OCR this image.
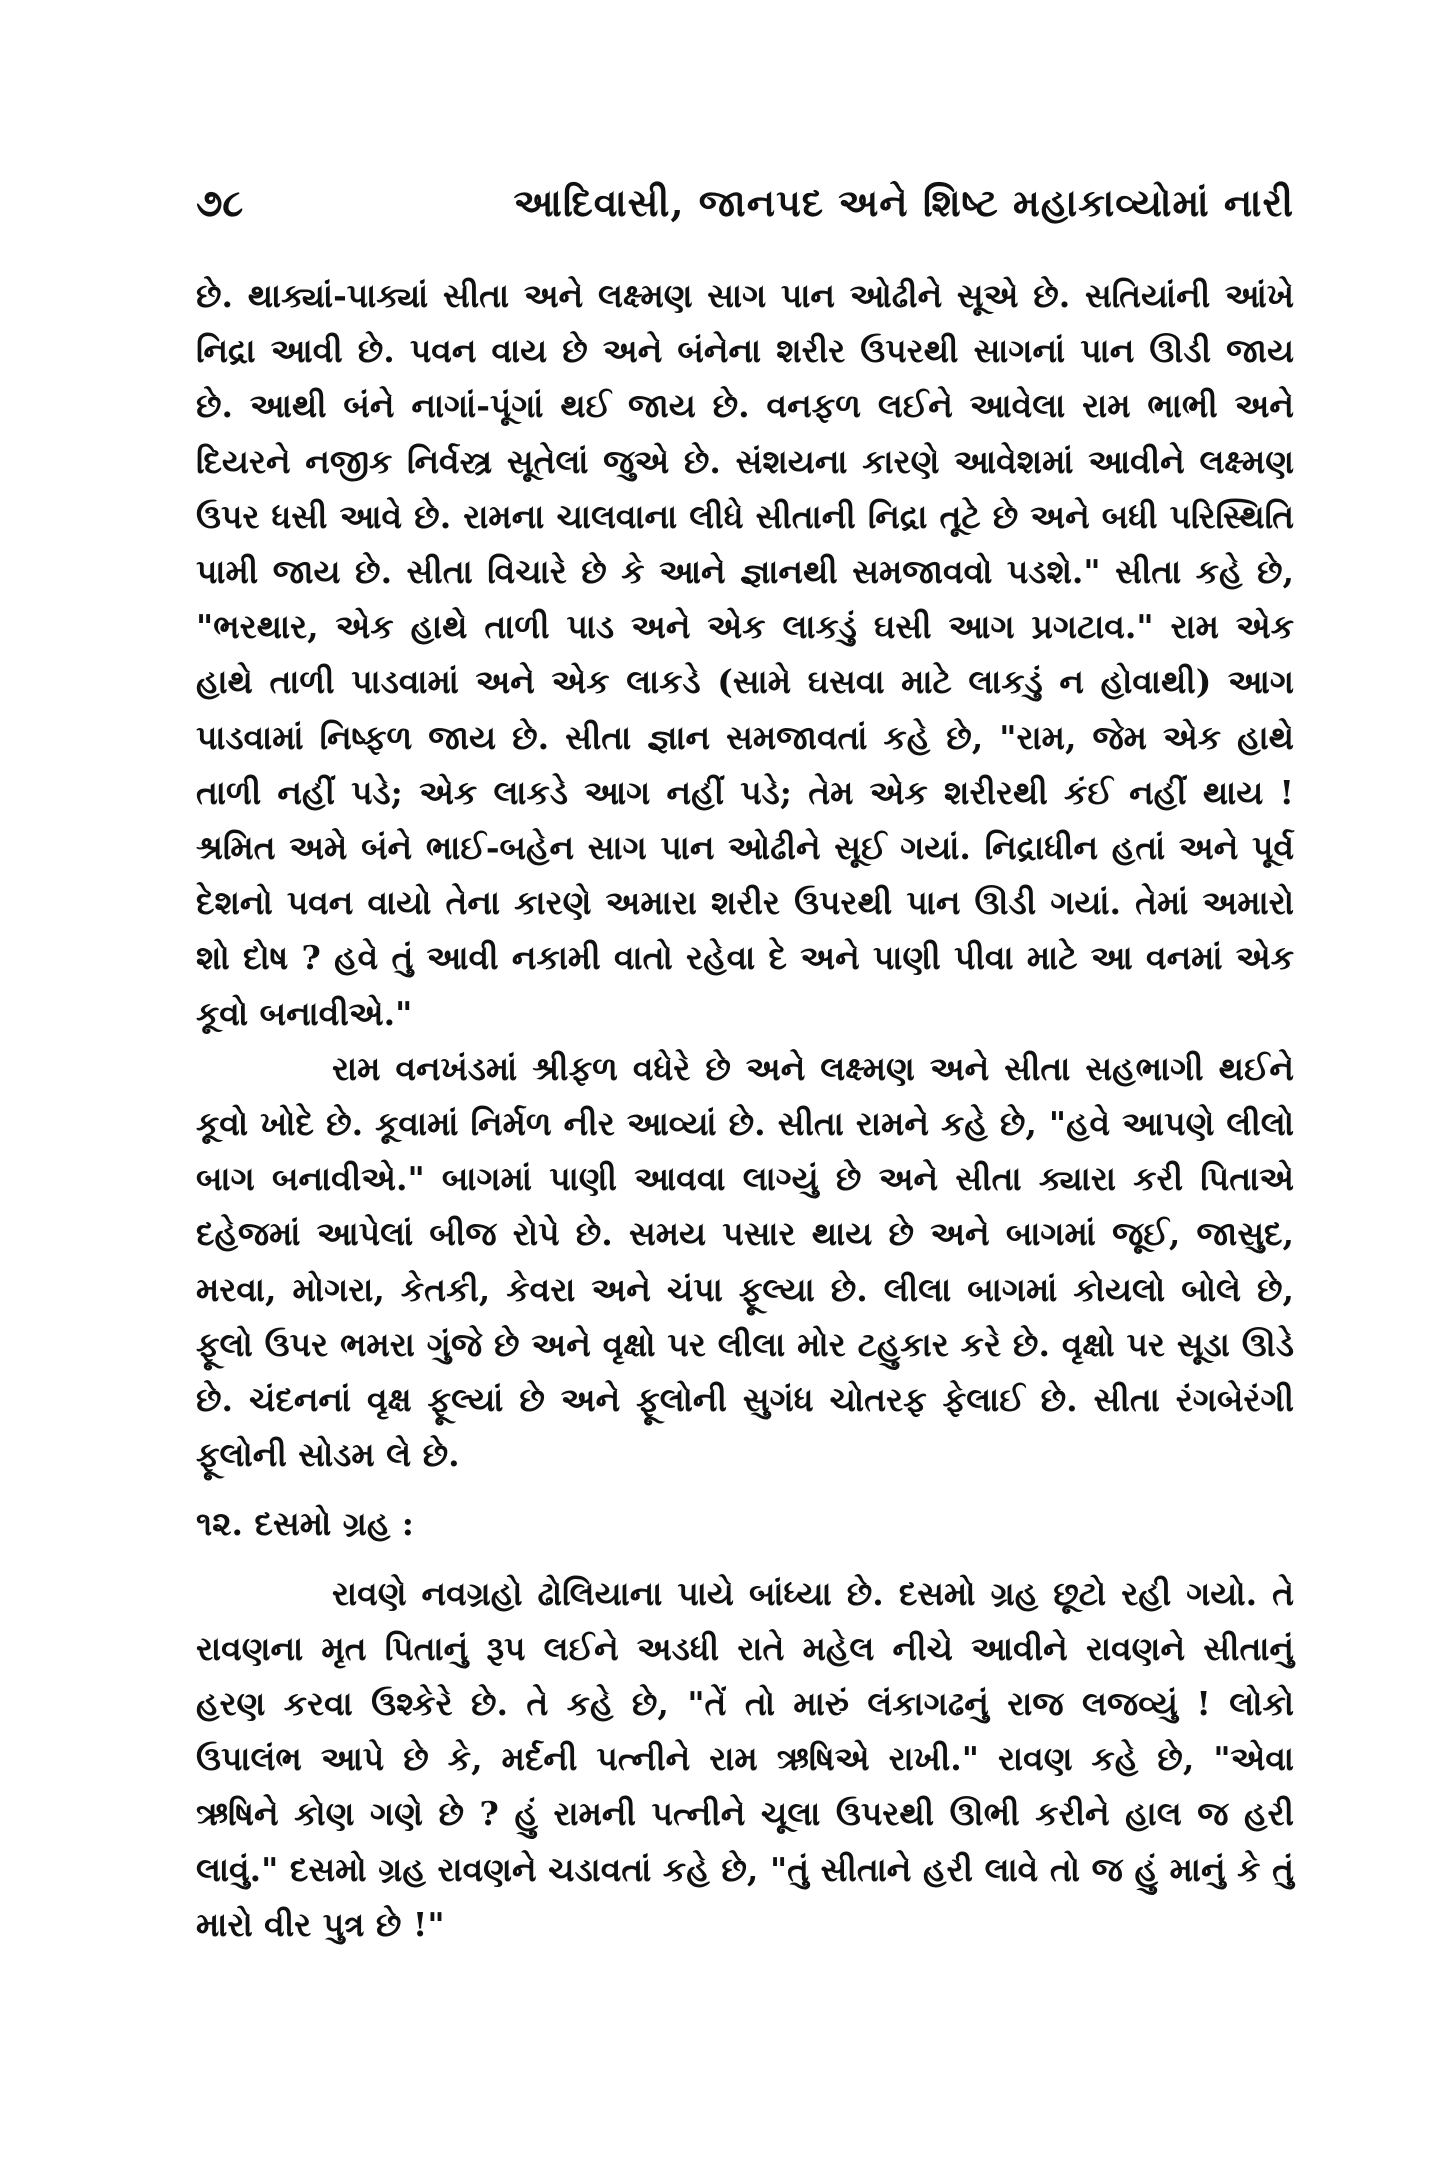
૭૮	આદિવાસી, જાનપદ અને શિષ્ટ મહાકાવ્યોમાં નારી

છે. થાક્યાં-પાક્યાં સીતા અને લક્ષ્મણ સાગ પાન ઓઢીને સૂએ છે. સતિયાંની આંખે નિદ્રા આવી છે. પવન વાય છે અને બંનેના શરીર ઉપરથી સાગનાં પાન ઊડી જાય છે. આથી બંને નાગાં-પૂંગાં થઈ જાય છે. વનફળ લઈને આવેલા રામ ભાભી અને દિયરને નજીક નિર્વસ્ત્ર સૂતેલાં જુએ છે. સંશયના કારણે આવેશમાં આવીને લક્ષ્મણ ઉપર ધસી આવે છે. રામના ચાલવાના લીધે સીતાની નિદ્રા તૂટે છે અને બધી પરિસ્થિતિ પામી જાય છે. સીતા વિચારે છે કે આને જ્ઞાનથી સમજાવવો પડશે." સીતા કહે છે, "ભરથાર, એક હાથે તાળી પાડ અને એક લાકડું ઘસી આગ પ્રગટાવ." રામ એક હાથે તાળી પાડવામાં અને એક લાકડે (સામે ઘસવા માટે લાકડું ન હોવાથી) આગ પાડવામાં નિષ્ફળ જાય છે. સીતા જ્ઞાન સમજાવતાં કહે છે, "રામ, જેમ એક હાથે તાળી નહીં પડે; એક લાકડે આગ નહીં પડે; તેમ એક શરીરથી કંઈ નહીં થાય ! શ્રમિત અમે બંને ભાઈ-બહેન સાગ પાન ઓઢીને સૂઈ ગયાં. નિદ્રાધીન હતાં અને પૂર્વ દેશનો પવન વાયો તેના કારણે અમારા શરીર ઉપરથી પાન ઊડી ગયાં. તેમાં અમારો શો દોષ ? હવે તું આવી નકામી વાતો રહેવા દે અને પાણી પીવા માટે આ વનમાં એક કૂવો બનાવીએ."

રામ વનખંડમાં શ્રીફળ વધેરે છે અને લક્ષ્મણ અને સીતા સહભાગી થઈને કૂવો ખોદે છે. કૂવામાં નિર્મળ નીર આવ્યાં છે. સીતા રામને કહે છે, "હવે આપણે લીલો બાગ બનાવીએ." બાગમાં પાણી આવવા લાગ્યું છે અને સીતા ક્યારા કરી પિતાએ દહેજમાં આપેલાં બીજ રોપે છે. સમય પસાર થાય છે અને બાગમાં જૂઈ, જાસુદ, મરવા, મોગરા, કેતકી, કેવરા અને ચંપા ફૂલ્યા છે. લીલા બાગમાં કોયલો બોલે છે, ફૂલો ઉપર ભમરા ગુંજે છે અને વૃક્ષો પર લીલા મોર ટહુકાર કરે છે. વૃક્ષો પર સૂડા ઊડે છે. ચંદનનાં વૃક્ષ ફૂલ્યાં છે અને ફૂલોની સુગંધ ચોતરફ ફેલાઈ છે. સીતા રંગબેરંગી ફૂલોની સોડમ લે છે.

૧૨. દસમો ગ્રહ :

રાવણે નવગ્રહો ઢોલિયાના પાયે બાંધ્યા છે. દસમો ગ્રહ છૂટો રહી ગયો. તે રાવણના મૃત પિતાનું રૂપ લઈને અડધી રાતે મહેલ નીચે આવીને રાવણને સીતાનું હરણ કરવા ઉશ્કેરે છે. તે કહે છે, "તેં તો મારું લંકાગઢનું રાજ લજવ્યું ! લોકો ઉપાલંભ આપે છે કે, મર્દની પત્નીને રામ ઋષિએ રાખી." રાવણ કહે છે, "એવા ઋષિને કોણ ગણે છે ? હું રામની પત્નીને ચૂલા ઉપરથી ઊભી કરીને હાલ જ હરી લાવું." દસમો ગ્રહ રાવણને ચડાવતાં કહે છે, "તું સીતાને હરી લાવે તો જ હું માનું કે તું મારો વીર પુત્ર છે !"
